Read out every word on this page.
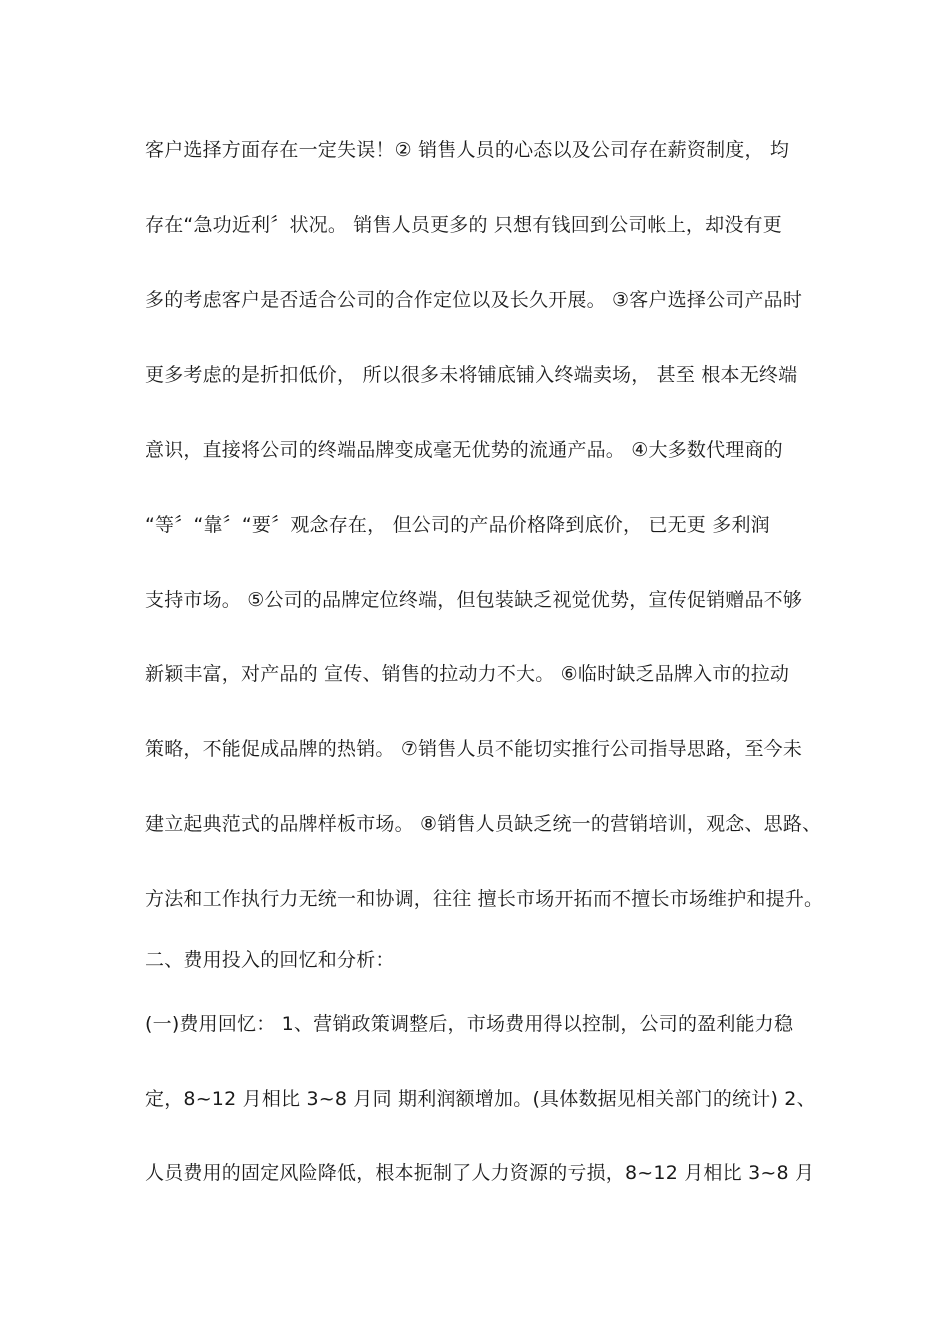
客户选择方面存在一定失误！② 销售人员的心态以及公司存在薪资制度， 均
存在“急功近利〞状况。 销售人员更多的 只想有钱回到公司帐上，却没有更
多的考虑客户是否适合公司的合作定位以及长久开展。 ③客户选择公司产品时
更多考虑的是折扣低价， 所以很多未将铺底铺入终端卖场， 甚至 根本无终端
意识，直接将公司的终端品牌变成毫无优势的流通产品。 ④大多数代理商的
“等〞“靠〞“要〞观念存在， 但公司的产品价格降到底价， 已无更 多利润
支持市场。 ⑤公司的品牌定位终端，但包装缺乏视觉优势，宣传促销赠品不够
新颖丰富，对产品的 宣传、销售的拉动力不大。 ⑥临时缺乏品牌入市的拉动
策略，不能促成品牌的热销。 ⑦销售人员不能切实推行公司指导思路，至今未
建立起典范式的品牌样板市场。 ⑧销售人员缺乏统一的营销培训，观念、思路、
方法和工作执行力无统一和协调，往往 擅长市场开拓而不擅长市场维护和提升。
二、费用投入的回忆和分析：
(一)费用回忆： 1、营销政策调整后，市场费用得以控制，公司的盈利能力稳
定，8~12 月相比 3~8 月同 期利润额增加。(具体数据见相关部门的统计) 2、
人员费用的固定风险降低，根本扼制了人力资源的亏损，8~12 月相比 3~8 月
